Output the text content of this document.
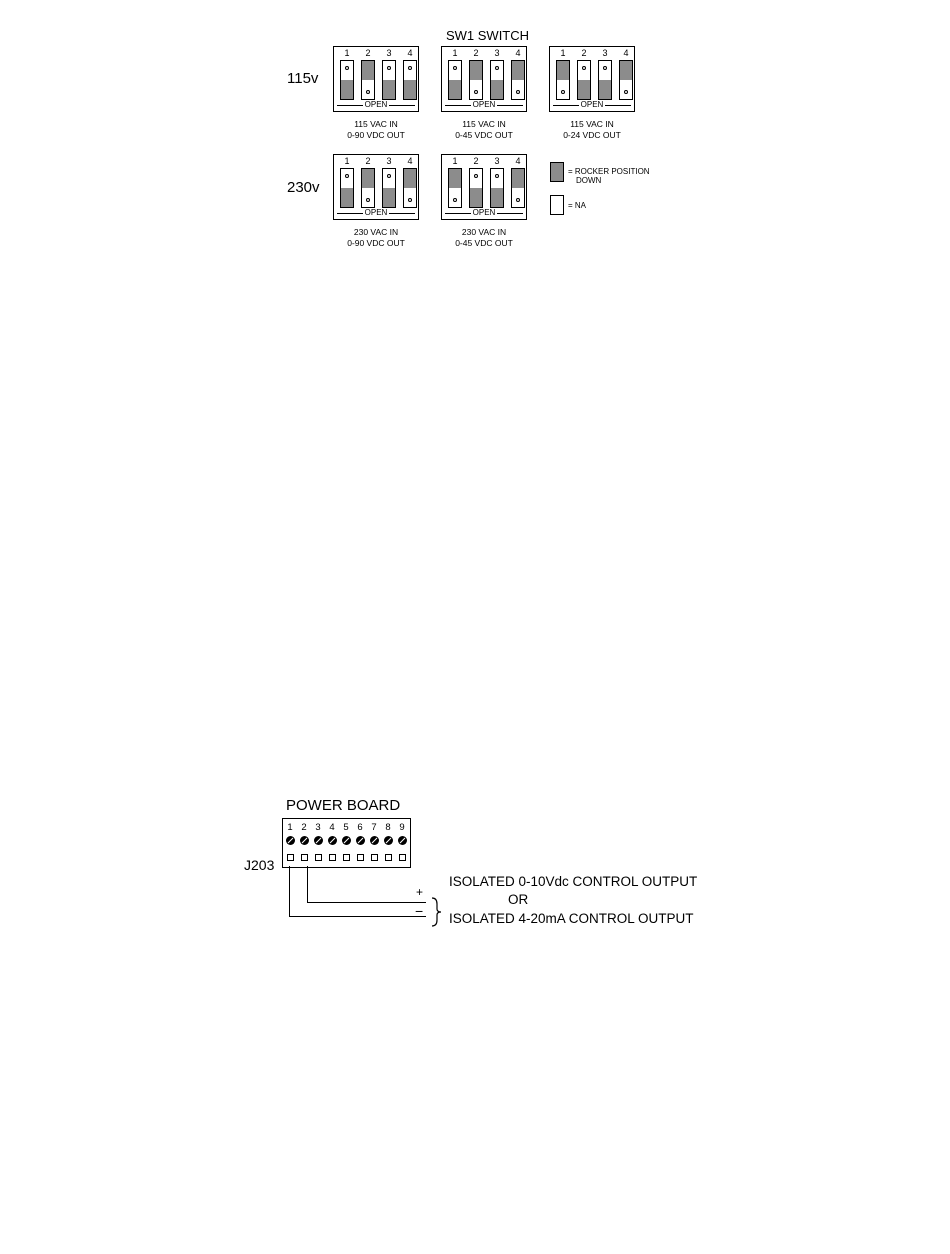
SW1 SWITCH
115v
230v
1	2	3	4
OPEN
115 VAC IN
0-90 VDC OUT
1	2	3	4
OPEN
115 VAC IN
0-45 VDC OUT
1	2	3	4
OPEN
115 VAC IN
0-24 VDC OUT
1	2	3	4
OPEN
230 VAC IN
0-90 VDC OUT
1	2	3	4
OPEN
230 VAC IN
0-45 VDC OUT
= ROCKER POSITION
DOWN
= NA
POWER BOARD
1 2 3 4 5 6 7 8 9
J203
+
−
ISOLATED 0-10Vdc CONTROL OUTPUT
OR
ISOLATED 4-20mA CONTROL OUTPUT
